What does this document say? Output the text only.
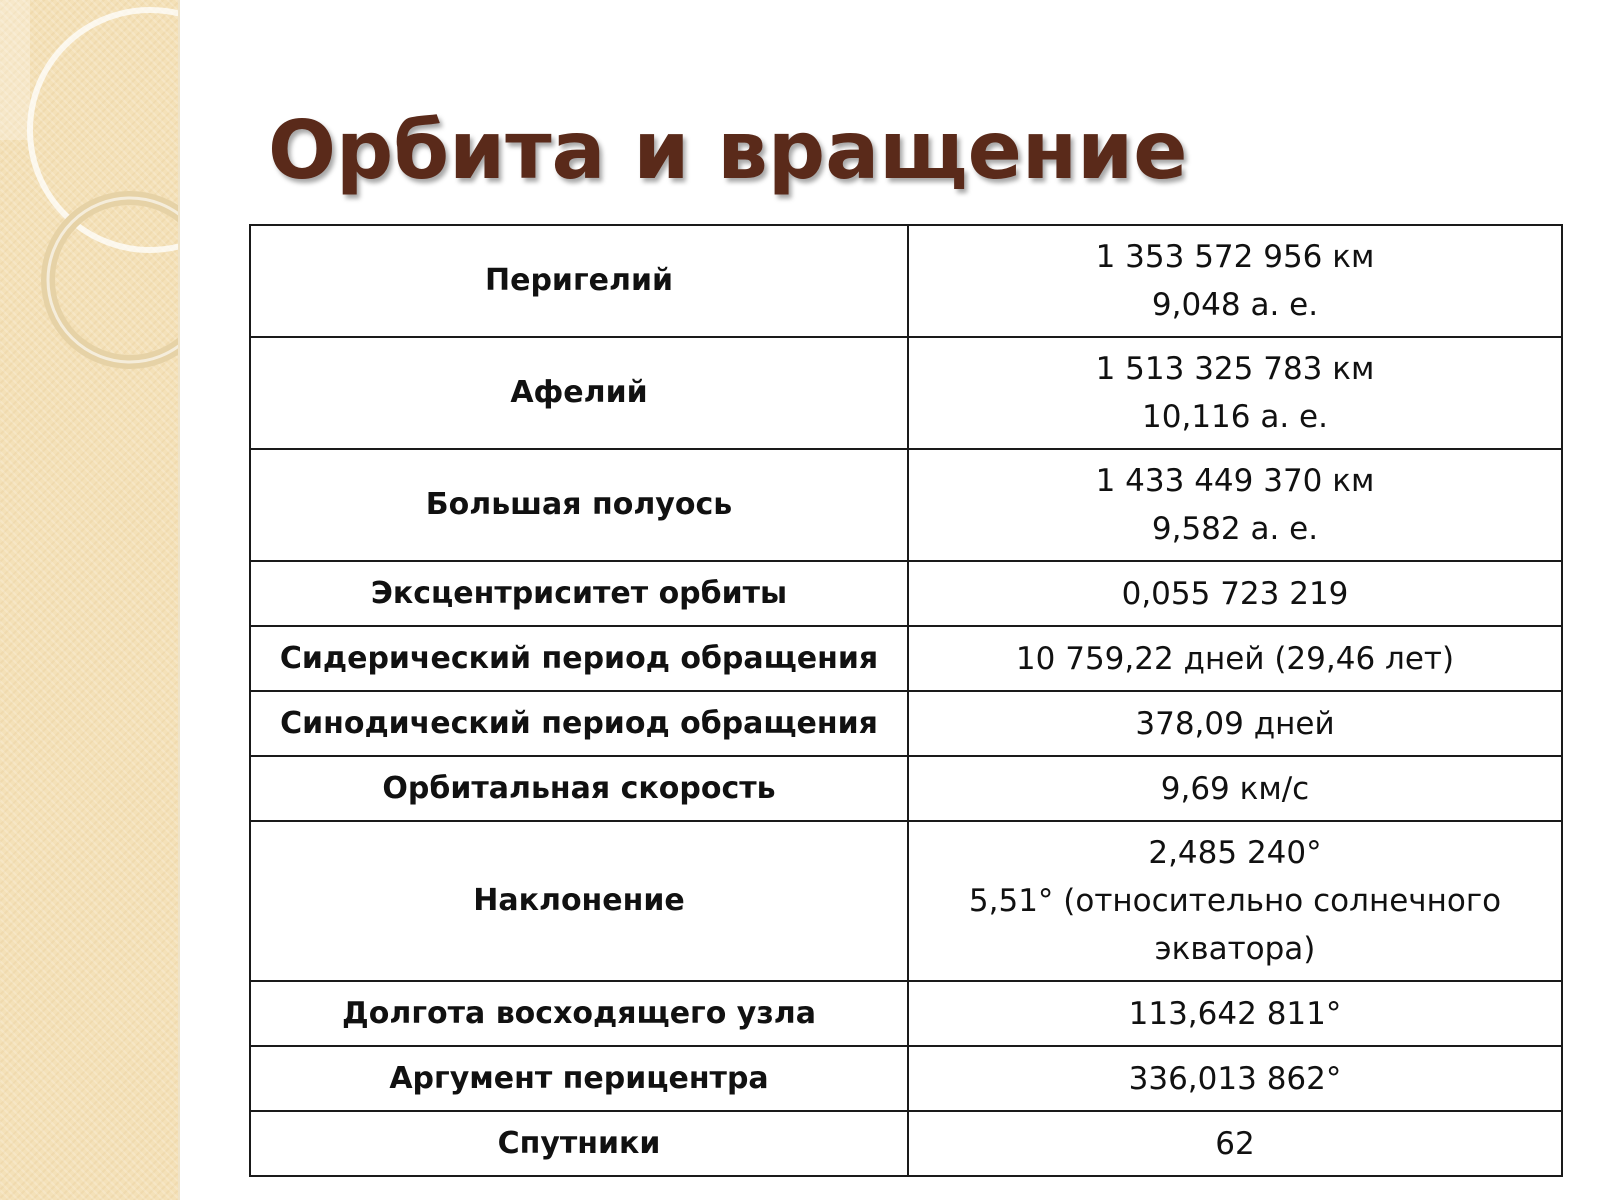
Орбита и вращение
Перигелий	1 353 572 956 км
9,048 а. е.

Афелий	1 513 325 783 км
10,116 а. е.

Большая полуось	1 433 449 370 км
9,582 а. е.

Эксцентриситет орбиты	0,055 723 219

Сидерический период обращения	10 759,22 дней (29,46 лет)

Синодический период обращения	378,09 дней

Орбитальная скорость	9,69 км/с

Наклонение	2,485 240°
5,51° (относительно солнечного
экватора)

Долгота восходящего узла	113,642 811°

Аргумент перицентра	336,013 862°

Спутники	62
